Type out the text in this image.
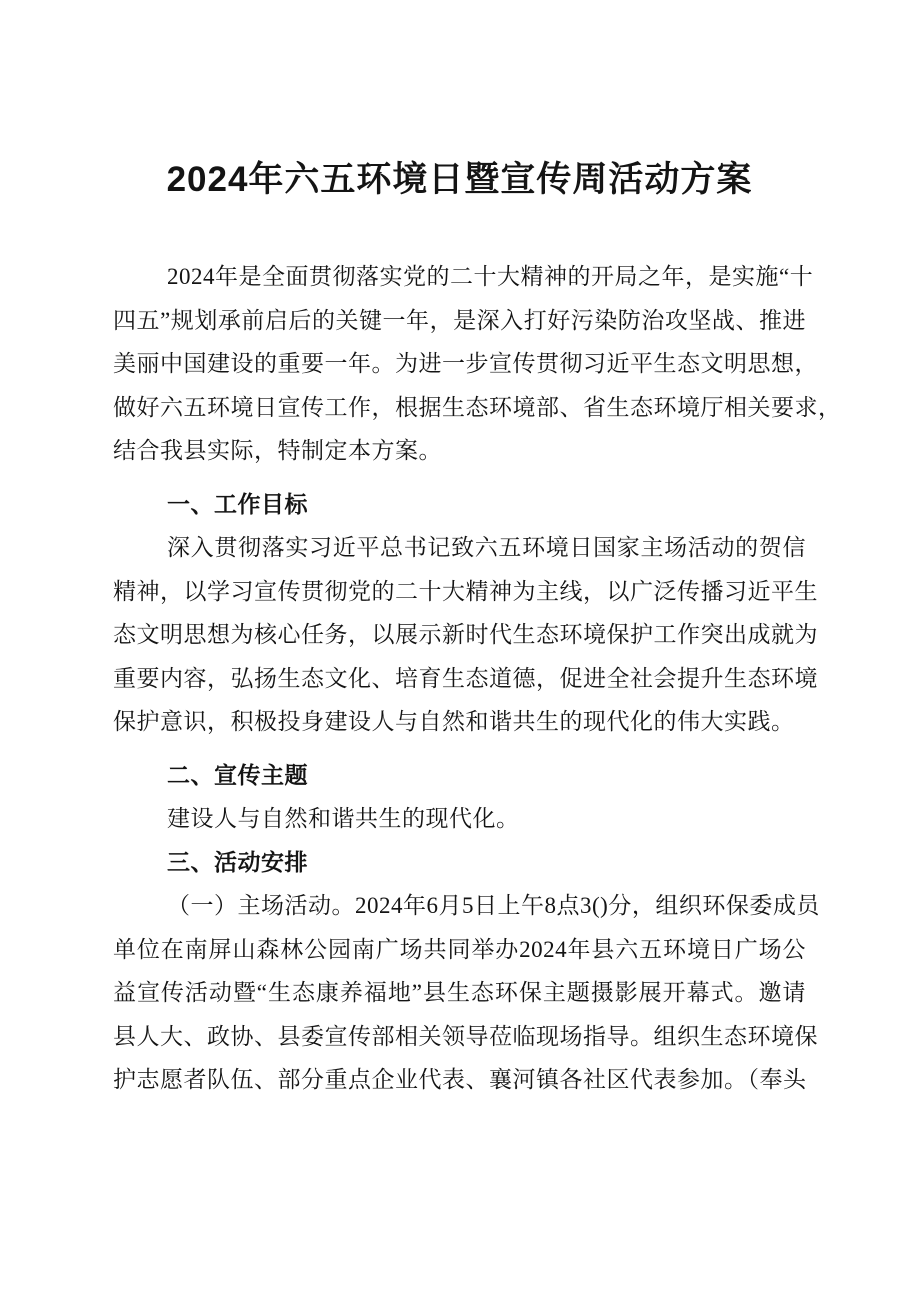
2024年六五环境日暨宣传周活动方案
2024年是全面贯彻落实党的二十大精神的开局之年，是实施“十
四五”规划承前启后的关键一年，是深入打好污染防治攻坚战、推进
美丽中国建设的重要一年。为进一步宣传贯彻习近平生态文明思想，
做好六五环境日宣传工作，根据生态环境部、省生态环境厅相关要求，
结合我县实际，特制定本方案。
一、工作目标
深入贯彻落实习近平总书记致六五环境日国家主场活动的贺信
精神，以学习宣传贯彻党的二十大精神为主线，以广泛传播习近平生
态文明思想为核心任务，以展示新时代生态环境保护工作突出成就为
重要内容，弘扬生态文化、培育生态道德，促进全社会提升生态环境
保护意识，积极投身建设人与自然和谐共生的现代化的伟大实践。
二、宣传主题
建设人与自然和谐共生的现代化。
三、活动安排
（一）主场活动。2024年6月5日上午8点3()分，组织环保委成员
单位在南屏山森林公园南广场共同举办2024年县六五环境日广场公
益宣传活动暨“生态康养福地”县生态环保主题摄影展开幕式。邀请
县人大、政协、县委宣传部相关领导莅临现场指导。组织生态环境保
护志愿者队伍、部分重点企业代表、襄河镇各社区代表参加。（奉头
